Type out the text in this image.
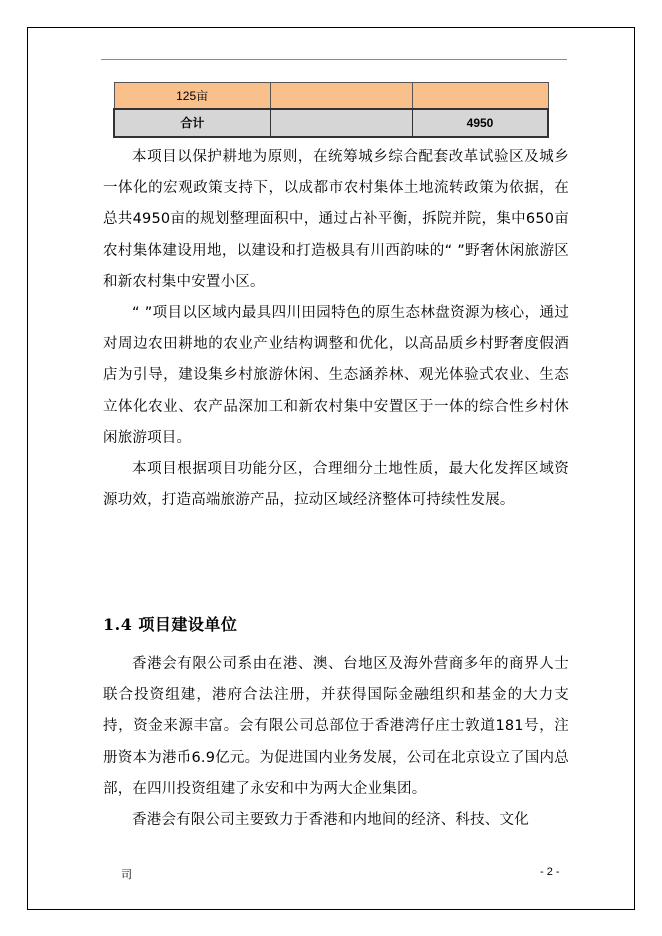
125亩		
合计		4950

本项目以保护耕地为原则，在统筹城乡综合配套改革试验区及城乡一体化的宏观政策支持下，以成都市农村集体土地流转政策为依据，在总共4950亩的规划整理面积中，通过占补平衡，拆院并院，集中650亩农村集体建设用地，以建设和打造极具有川西韵味的“ ”野奢休闲旅游区和新农村集中安置小区。

“ ”项目以区域内最具四川田园特色的原生态林盘资源为核心，通过对周边农田耕地的农业产业结构调整和优化，以高品质乡村野奢度假酒店为引导，建设集乡村旅游休闲、生态涵养林、观光体验式农业、生态立体化农业、农产品深加工和新农村集中安置区于一体的综合性乡村休闲旅游项目。

本项目根据项目功能分区，合理细分土地性质，最大化发挥区域资源功效，打造高端旅游产品，拉动区域经济整体可持续性发展。

1.4 项目建设单位

香港会有限公司系由在港、澳、台地区及海外营商多年的商界人士联合投资组建，港府合法注册，并获得国际金融组织和基金的大力支持，资金来源丰富。会有限公司总部位于香港湾仔庄士敦道181号，注册资本为港币6.9亿元。为促进国内业务发展，公司在北京设立了国内总部，在四川投资组建了永安和中为两大企业集团。

香港会有限公司主要致力于香港和内地间的经济、科技、文化

司	- 2 -
